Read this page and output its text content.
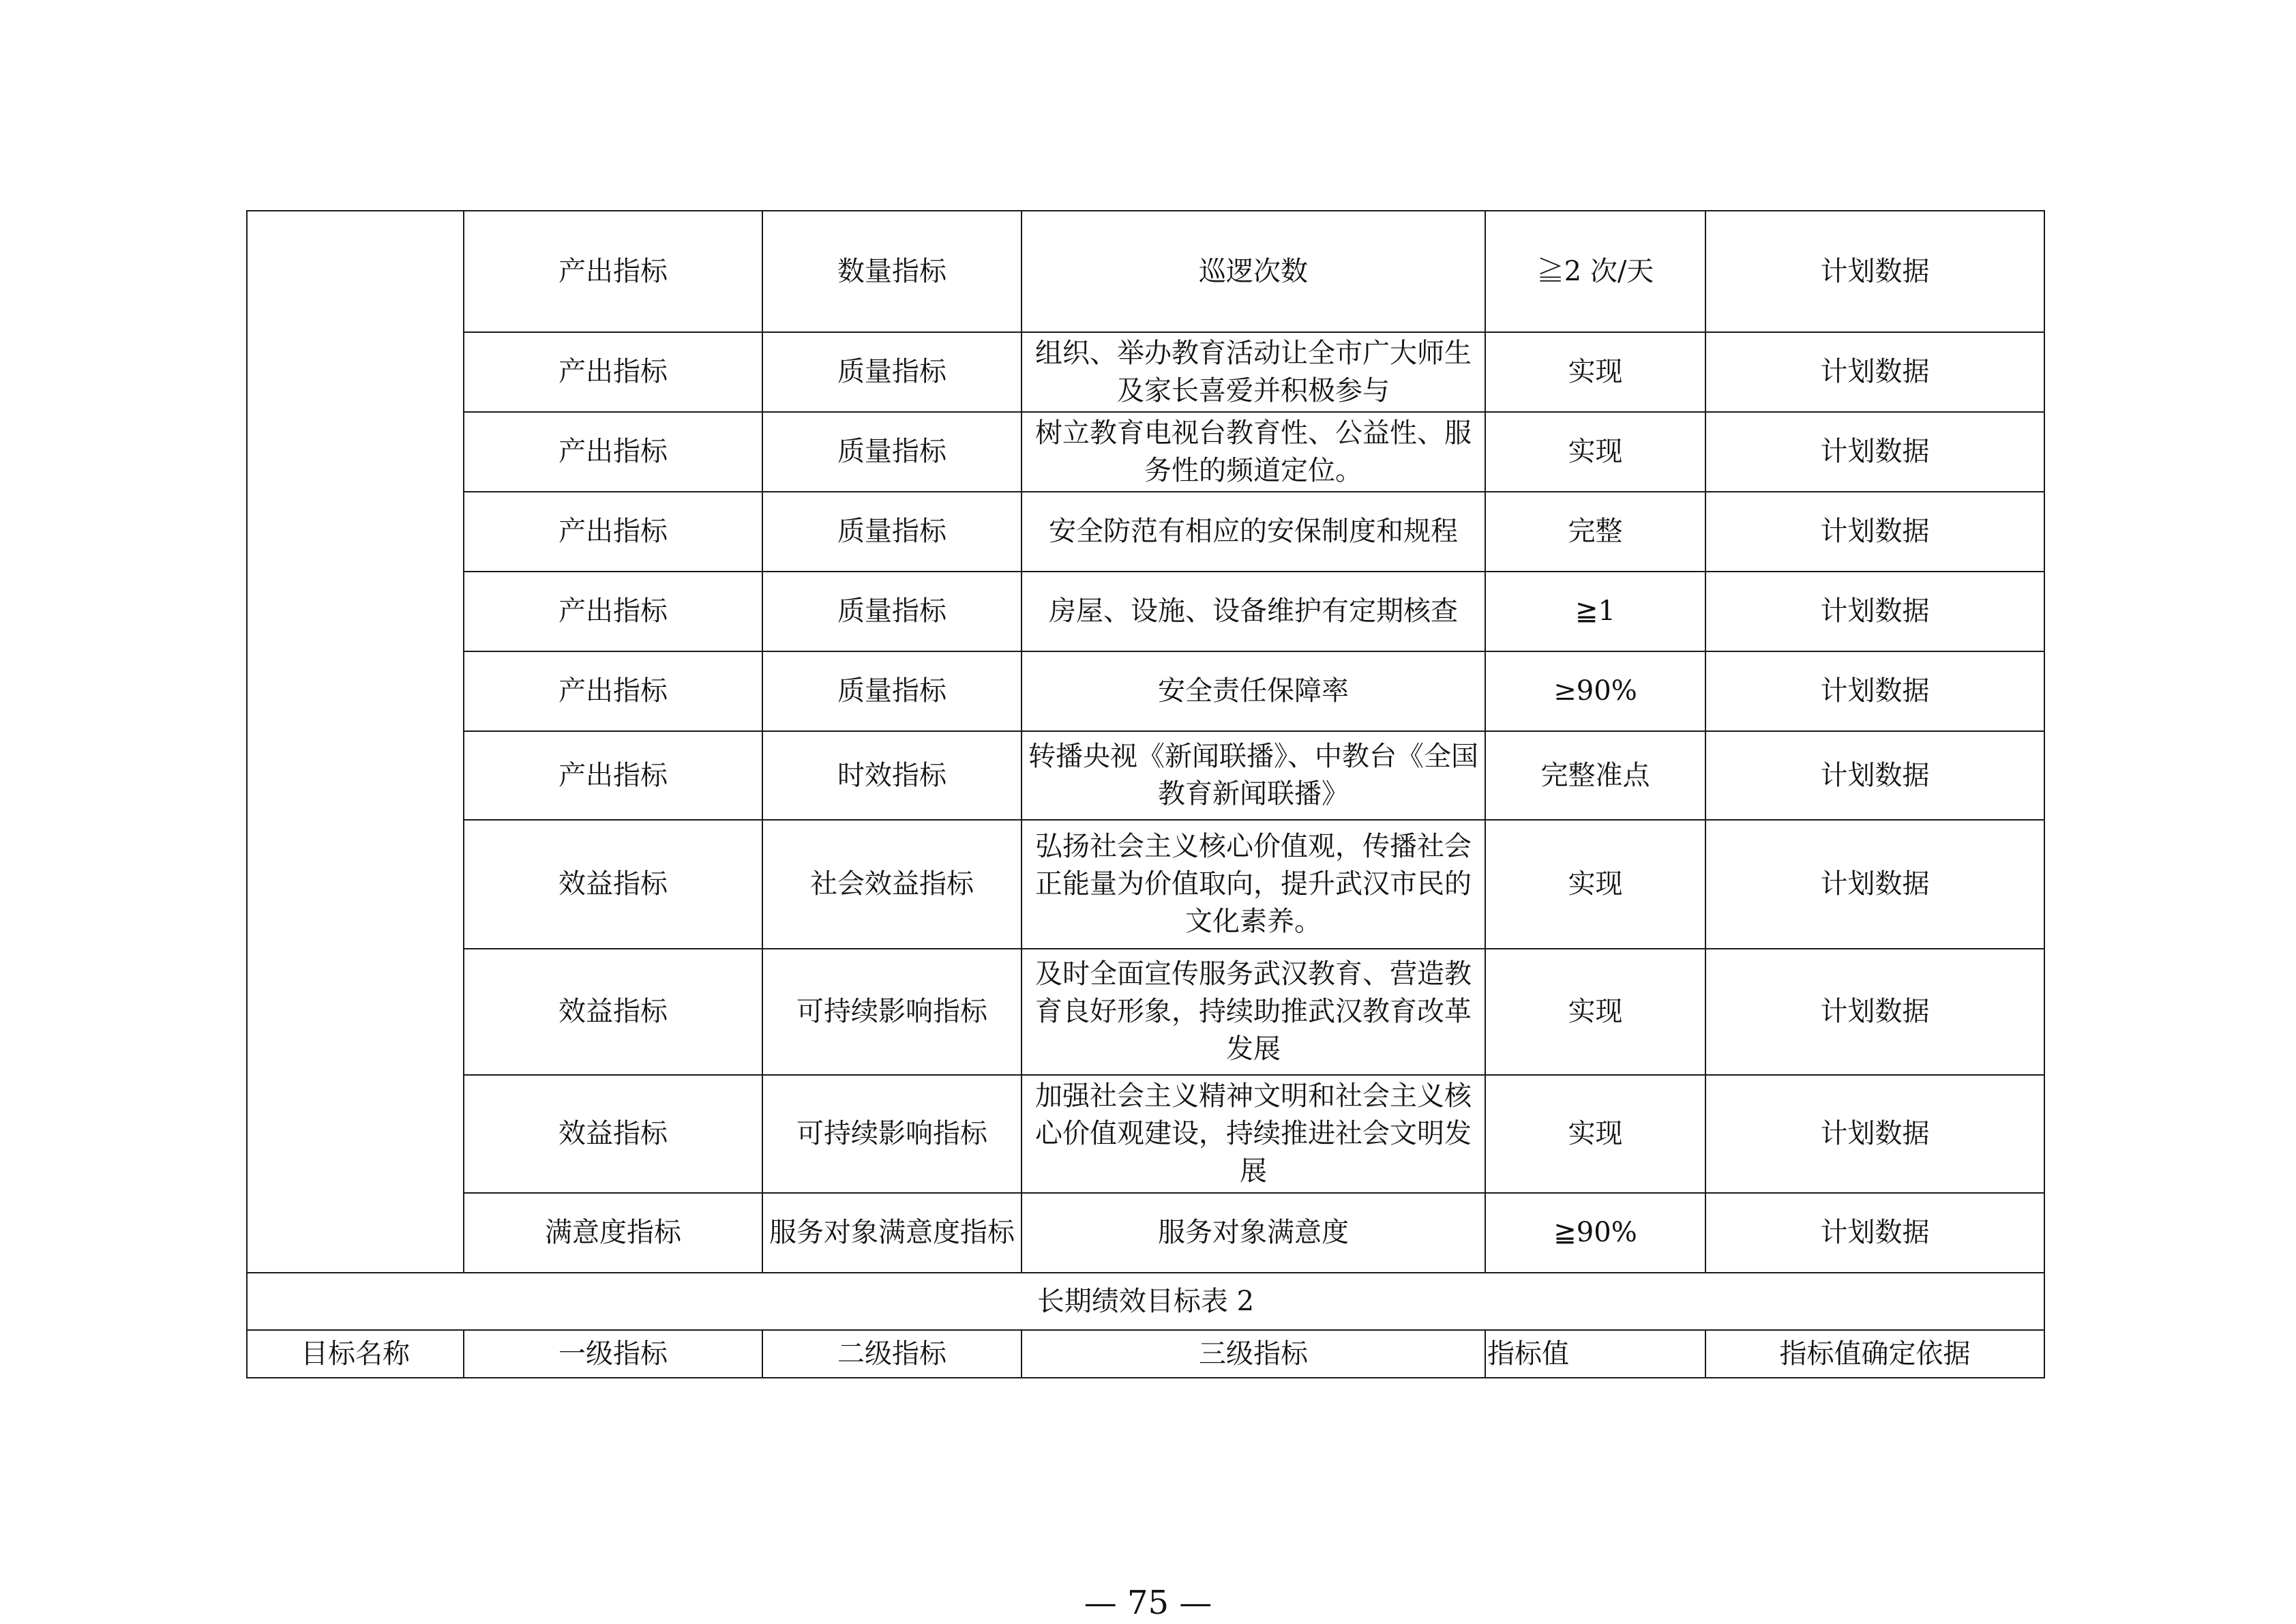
	产出指标	数量指标	巡逻次数	≧2 次/天	计划数据
	产出指标	质量指标	组织、举办教育活动让全市广大师生及家长喜爱并积极参与	实现	计划数据
	产出指标	质量指标	树立教育电视台教育性、公益性、服务性的频道定位。	实现	计划数据
	产出指标	质量指标	安全防范有相应的安保制度和规程	完整	计划数据
	产出指标	质量指标	房屋、设施、设备维护有定期核查	≧1	计划数据
	产出指标	质量指标	安全责任保障率	≥90%	计划数据
	产出指标	时效指标	转播央视《新闻联播》、中教台《全国教育新闻联播》	完整准点	计划数据
	效益指标	社会效益指标	弘扬社会主义核心价值观，传播社会正能量为价值取向，提升武汉市民的文化素养。	实现	计划数据
	效益指标	可持续影响指标	及时全面宣传服务武汉教育、营造教育良好形象，持续助推武汉教育改革发展	实现	计划数据
	效益指标	可持续影响指标	加强社会主义精神文明和社会主义核心价值观建设，持续推进社会文明发展	实现	计划数据
	满意度指标	服务对象满意度指标	服务对象满意度	≧90%	计划数据
长期绩效目标表 2					
目标名称	一级指标	二级指标	三级指标	指标值	指标值确定依据
— 75 —
